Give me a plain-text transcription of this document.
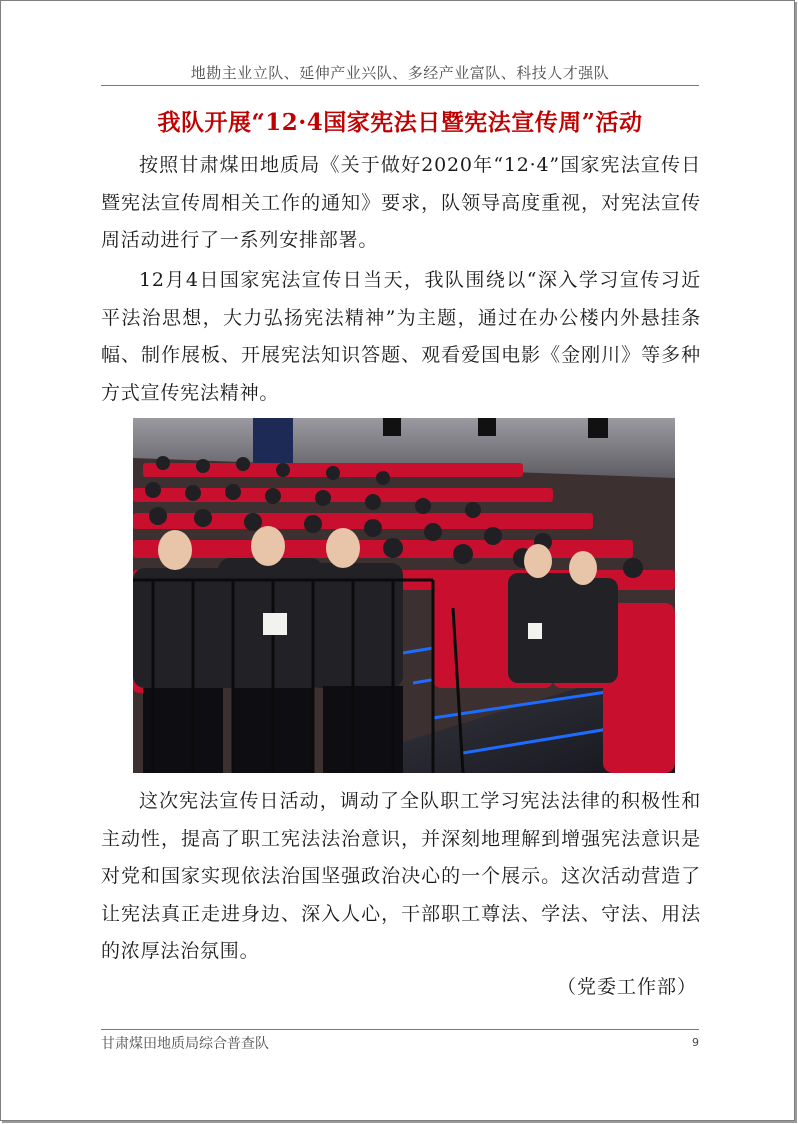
地勘主业立队、延伸产业兴队、多经产业富队、科技人才强队
我队开展“12·4国家宪法日暨宪法宣传周”活动

按照甘肃煤田地质局《关于做好2020年“12·4”国家宪法宣传日暨宪法宣传周相关工作的通知》要求，队领导高度重视，对宪法宣传周活动进行了一系列安排部署。

12月4日国家宪法宣传日当天，我队围绕以“深入学习宣传习近平法治思想，大力弘扬宪法精神”为主题，通过在办公楼内外悬挂条幅、制作展板、开展宪法知识答题、观看爱国电影《金刚川》等多种方式宣传宪法精神。

这次宪法宣传日活动，调动了全队职工学习宪法法律的积极性和主动性，提高了职工宪法法治意识，并深刻地理解到增强宪法意识是对党和国家实现依法治国坚强政治决心的一个展示。这次活动营造了让宪法真正走进身边、深入人心，干部职工尊法、学法、守法、用法的浓厚法治氛围。

（党委工作部）
甘肃煤田地质局综合普查队	9
